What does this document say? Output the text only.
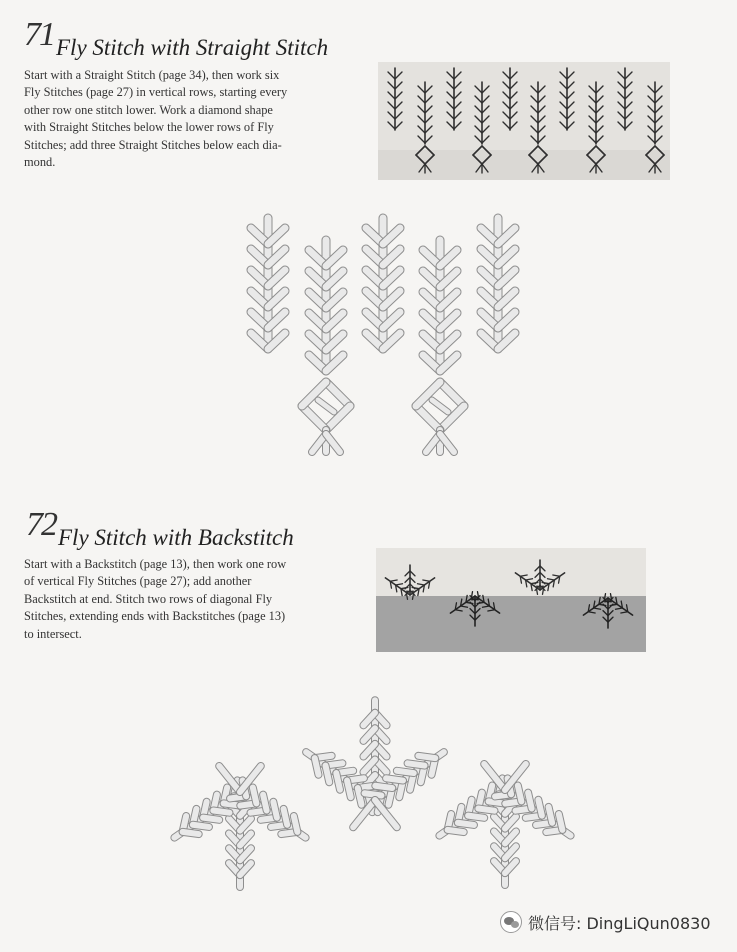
71 Fly Stitch with Straight Stitch

Start with a Straight Stitch (page 34), then work six

Fly Stitches (page 27) in vertical rows, starting every

other row one stitch lower. Work a diamond shape

with Straight Stitches below the lower rows of Fly

Stitches; add three Straight Stitches below each dia-

mond.

72 Fly Stitch with Backstitch

Start with a Backstitch (page 13), then work one row

of vertical Fly Stitches (page 27); add another

Backstitch at end. Stitch two rows of diagonal Fly

Stitches, extending ends with Backstitches (page 13)

to intersect.

微信号: DingLiQun0830
